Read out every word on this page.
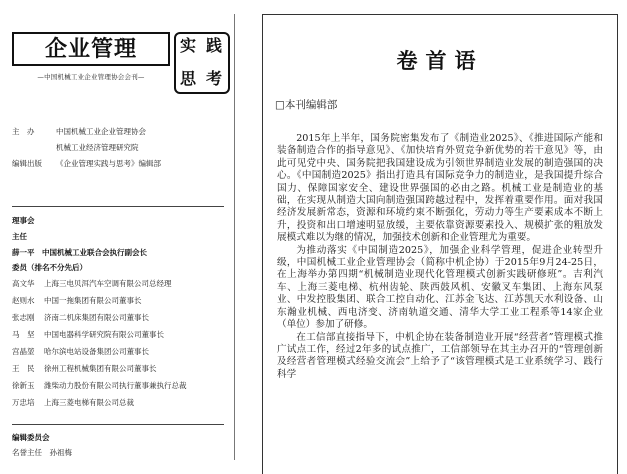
企业管理	实 践
思 考
—中国机械工业企业管理协会会刊—
主　办	中国机械工业企业管理协会
机械工业经济管理研究院
编辑出版 《企业管理实践与思考》编辑部
理事会
主任
薛一平　中国机械工业联合会执行副会长
委员（排名不分先后）
高文华 上海三电贝洱汽车空调有限公司总经理
赵则水 中国一拖集团有限公司董事长
张志刚 济南二机床集团有限公司董事长
马　坚 中国电器科学研究院有限公司董事长
宫晶堃 哈尔滨电站设备集团公司董事长
王　民 徐州工程机械集团有限公司董事长
徐新玉 潍柴动力股份有限公司执行董事兼执行总裁
万忠培 上海三菱电梯有限公司总裁
编辑委员会
名誉主任　孙祖梅
卷首语
□本刊编辑部

2015年上半年，国务院密集发布了《制造业2025》、《推进国际产能和装备制造合作的指导意见》、《加快培育外贸竞争新优势的若干意见》等，由此可见党中央、国务院把我国建设成为引领世界制造业发展的制造强国的决心。《中国制造2025》指出打造具有国际竞争力的制造业，是我国提升综合国力、保障国家安全、建设世界强国的必由之路。机械工业是制造业的基础，在实现从制造大国向制造强国跨越过程中，发挥着重要作用。面对我国经济发展新常态，资源和环境约束不断强化，劳动力等生产要素成本不断上升，投资和出口增速明显放缓，主要依靠资源要素投入、规模扩张的粗放发展模式难以为继的情况，加强技术创新和企业管理尤为重要。

为推动落实《中国制造2025》，加强企业科学管理，促进企业转型升级，中国机械工业企业管理协会（简称中机企协）于2015年9月24-25日，在上海举办第四期“机械制造业现代化管理模式创新实践研修班”。吉利汽车、上海三菱电梯、杭州齿轮、陕西鼓风机、安徽叉车集团、上海东风泵业、中发控股集团、联合工控自动化、江苏金飞达、江苏凯天水利设备、山东瀚业机械、西电济变、济南轨道交通、清华大学工业工程系等14家企业（单位）参加了研修。

在工信部直接指导下，中机企协在装备制造业开展“经营者”管理模式推广试点工作，经过2年多的试点推广，工信部领导在其主办召开的“管理创新及经营者管理模式经验交流会”上给予了“该管理模式是工业系统学习、践行科学
